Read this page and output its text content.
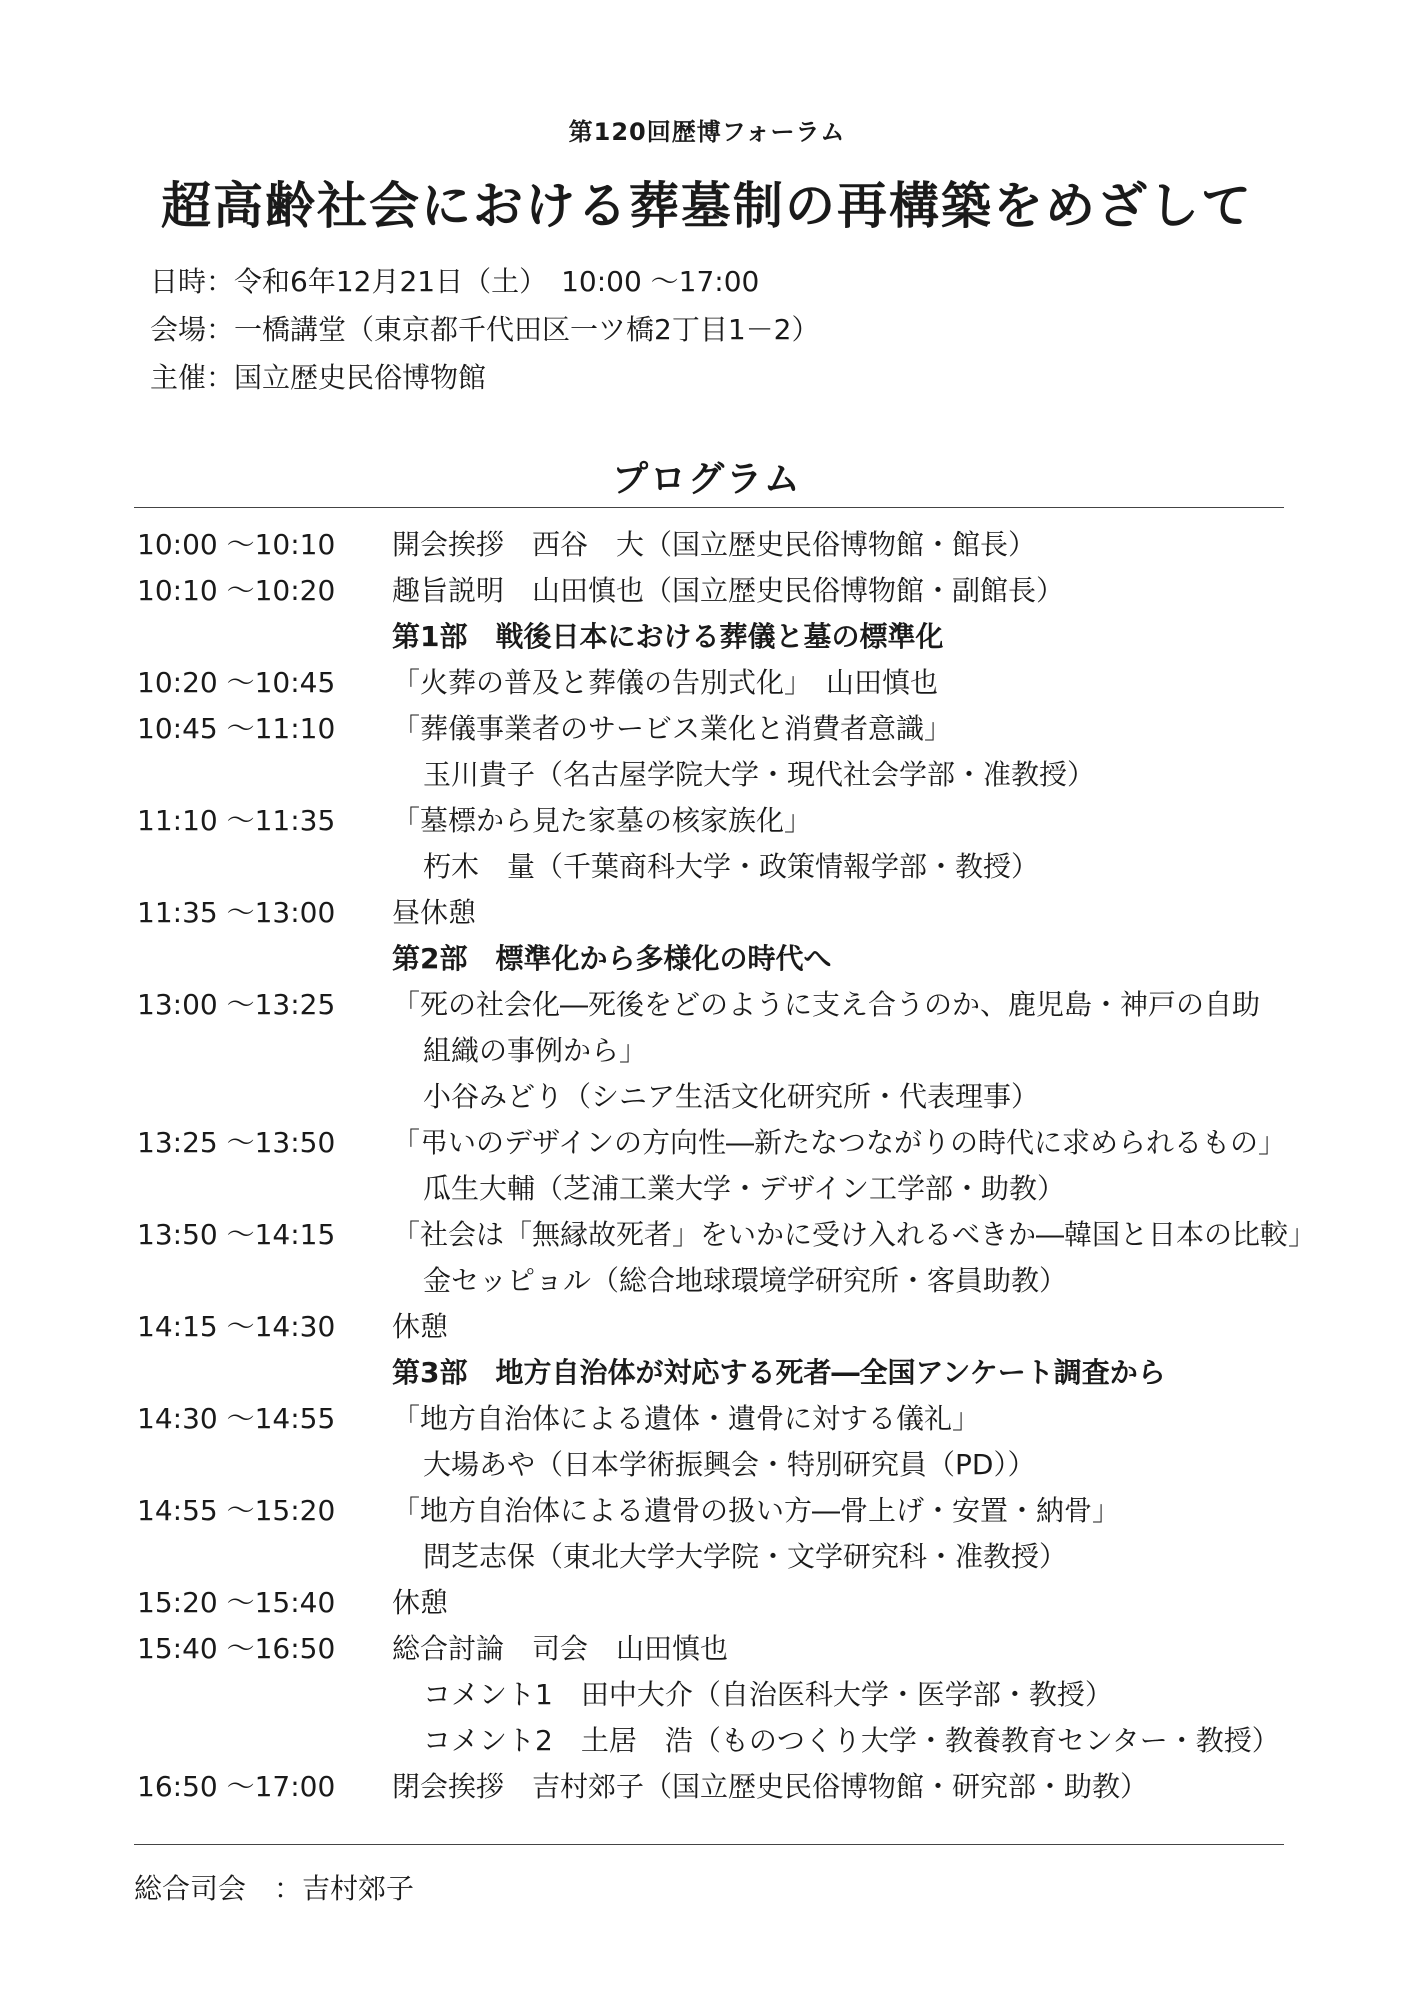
第120回歴博フォーラム
超高齢社会における葬墓制の再構築をめざして
日時：令和6年12月21日（土）　10:00 〜17:00
会場：一橋講堂（東京都千代田区一ツ橋2丁目1－2）
主催：国立歴史民俗博物館
プログラム
10:00 〜10:10 開会挨拶　西谷　大（国立歴史民俗博物館・館長）
10:10 〜10:20 趣旨説明　山田慎也（国立歴史民俗博物館・副館長）
第1部　戦後日本における葬儀と墓の標準化
10:20 〜10:45 「火葬の普及と葬儀の告別式化」　山田慎也
10:45 〜11:10 「葬儀事業者のサービス業化と消費者意識」
玉川貴子（名古屋学院大学・現代社会学部・准教授）
11:10 〜11:35 「墓標から見た家墓の核家族化」
朽木　量（千葉商科大学・政策情報学部・教授）
11:35 〜13:00 昼休憩
第2部　標準化から多様化の時代へ
13:00 〜13:25 「死の社会化―死後をどのように支え合うのか、鹿児島・神戸の自助
組織の事例から」
小谷みどり（シニア生活文化研究所・代表理事）
13:25 〜13:50 「弔いのデザインの方向性―新たなつながりの時代に求められるもの」
瓜生大輔（芝浦工業大学・デザイン工学部・助教）
13:50 〜14:15 「社会は「無縁故死者」をいかに受け入れるべきか―韓国と日本の比較」
金セッピョル（総合地球環境学研究所・客員助教）
14:15 〜14:30 休憩
第3部　地方自治体が対応する死者―全国アンケート調査から
14:30 〜14:55 「地方自治体による遺体・遺骨に対する儀礼」
大場あや（日本学術振興会・特別研究員（PD））
14:55 〜15:20 「地方自治体による遺骨の扱い方―骨上げ・安置・納骨」
問芝志保（東北大学大学院・文学研究科・准教授）
15:20 〜15:40 休憩
15:40 〜16:50 総合討論　司会　山田慎也
コメント1　田中大介（自治医科大学・医学部・教授）
コメント2　土居　浩（ものつくり大学・教養教育センター・教授）
16:50 〜17:00 閉会挨拶　吉村郊子（国立歴史民俗博物館・研究部・助教）
総合司会　：吉村郊子
